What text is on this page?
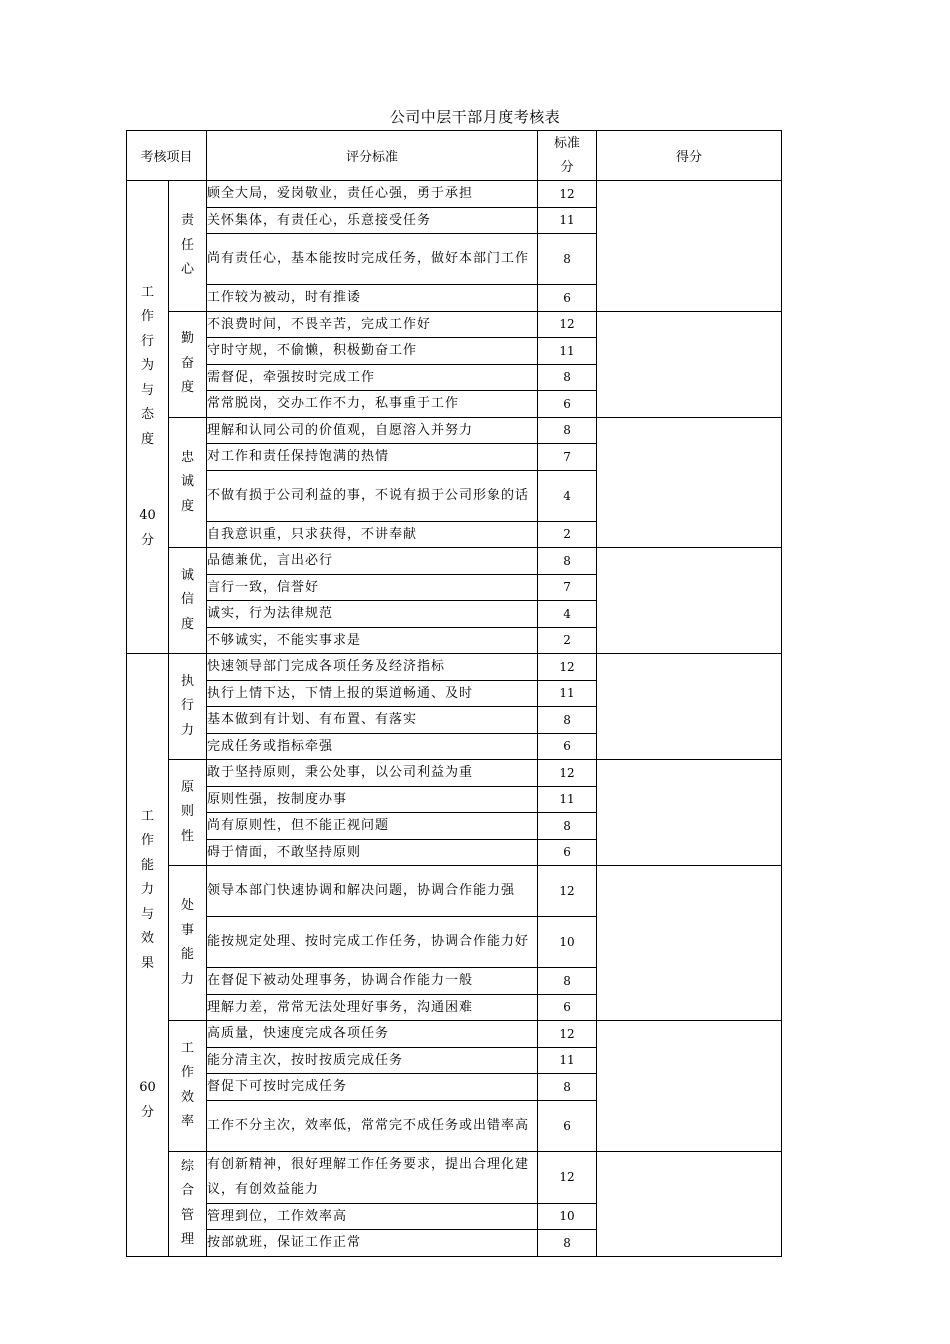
公司中层干部月度考核表
考核项目		评分标准	标准分	得分

工作行为与态度
40分	责任心	顾全大局，爱岗敬业，责任心强，勇于承担	12	
		关怀集体，有责任心，乐意接受任务	11	
		尚有责任心，基本能按时完成任务，做好本部门工作	8	
		工作较为被动，时有推诿	6	
	勤奋度	不浪费时间，不畏辛苦，完成工作好	12	
		守时守规，不偷懒，积极勤奋工作	11	
		需督促，牵强按时完成工作	8	
		常常脱岗，交办工作不力，私事重于工作	6	
	忠诚度	理解和认同公司的价值观，自愿溶入并努力	8	
		对工作和责任保持饱满的热情	7	
		不做有损于公司利益的事，不说有损于公司形象的话	4	
		自我意识重，只求获得，不讲奉献	2	
	诚信度	品德兼优，言出必行	8	
		言行一致，信誉好	7	
		诚实，行为法律规范	4	
		不够诚实，不能实事求是	2	

工作能力与效果
60分	执行力	快速领导部门完成各项任务及经济指标	12	
		执行上情下达，下情上报的渠道畅通、及时	11	
		基本做到有计划、有布置、有落实	8	
		完成任务或指标牵强	6	
	原则性	敢于坚持原则，秉公处事，以公司利益为重	12	
		原则性强，按制度办事	11	
		尚有原则性，但不能正视问题	8	
		碍于情面，不敢坚持原则	6	
	处事能力	领导本部门快速协调和解决问题，协调合作能力强	12	
		能按规定处理、按时完成工作任务，协调合作能力好	10	
		在督促下被动处理事务，协调合作能力一般	8	
		理解力差，常常无法处理好事务，沟通困难	6	
	工作效率	高质量，快速度完成各项任务	12	
		能分清主次，按时按质完成任务	11	
		督促下可按时完成任务	8	
		工作不分主次，效率低，常常完不成任务或出错率高	6	
	综合管理	有创新精神，很好理解工作任务要求，提出合理化建议，有创效益能力	12	
		管理到位，工作效率高	10	
		按部就班，保证工作正常	8	
